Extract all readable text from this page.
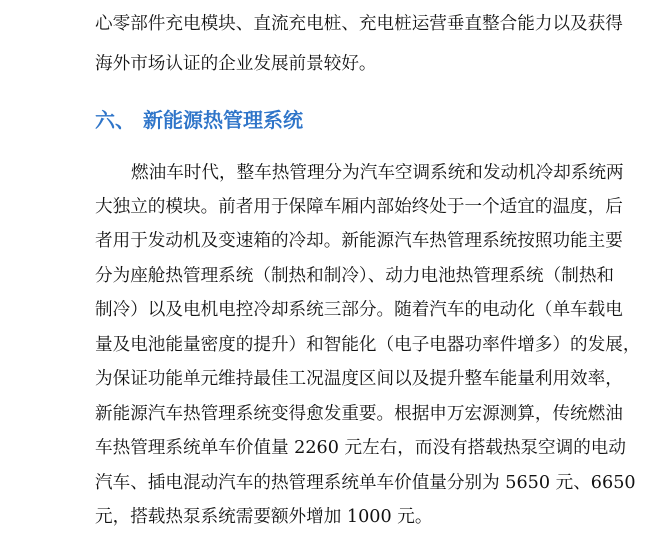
心零部件充电模块、直流充电桩、充电桩运营垂直整合能力以及获得
海外市场认证的企业发展前景较好。
六、 新能源热管理系统
燃油车时代，整车热管理分为汽车空调系统和发动机冷却系统两
大独立的模块。前者用于保障车厢内部始终处于一个适宜的温度，后
者用于发动机及变速箱的冷却。新能源汽车热管理系统按照功能主要
分为座舱热管理系统（制热和制冷）、动力电池热管理系统（制热和
制冷）以及电机电控冷却系统三部分。随着汽车的电动化（单车载电
量及电池能量密度的提升）和智能化（电子电器功率件增多）的发展，
为保证功能单元维持最佳工况温度区间以及提升整车能量利用效率，
新能源汽车热管理系统变得愈发重要。根据申万宏源测算，传统燃油
车热管理系统单车价值量 2260 元左右，而没有搭载热泵空调的电动
汽车、插电混动汽车的热管理系统单车价值量分别为 5650 元、6650
元，搭载热泵系统需要额外增加 1000 元。
